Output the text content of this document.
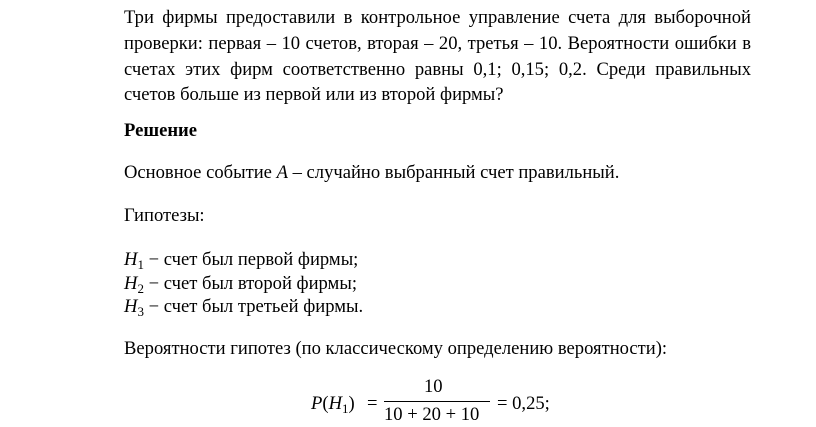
Три фирмы предоставили в контрольное управление счета для выборочной
проверки: первая – 10 счетов, вторая – 20, третья – 10. Вероятности ошибки в
счетах этих фирм соответственно равны 0,1; 0,15; 0,2. Среди правильных
счетов больше из первой или из второй фирмы?
Решение
Основное событие A – случайно выбранный счет правильный.
Гипотезы:
$H_1$ − счет был первой фирмы;
$H_2$ − счет был второй фирмы;
$H_3$ − счет был третьей фирмы.
Вероятности гипотез (по классическому определению вероятности):
$P(H_1)$ =
10
10 + 20 + 10
= 0,25;
